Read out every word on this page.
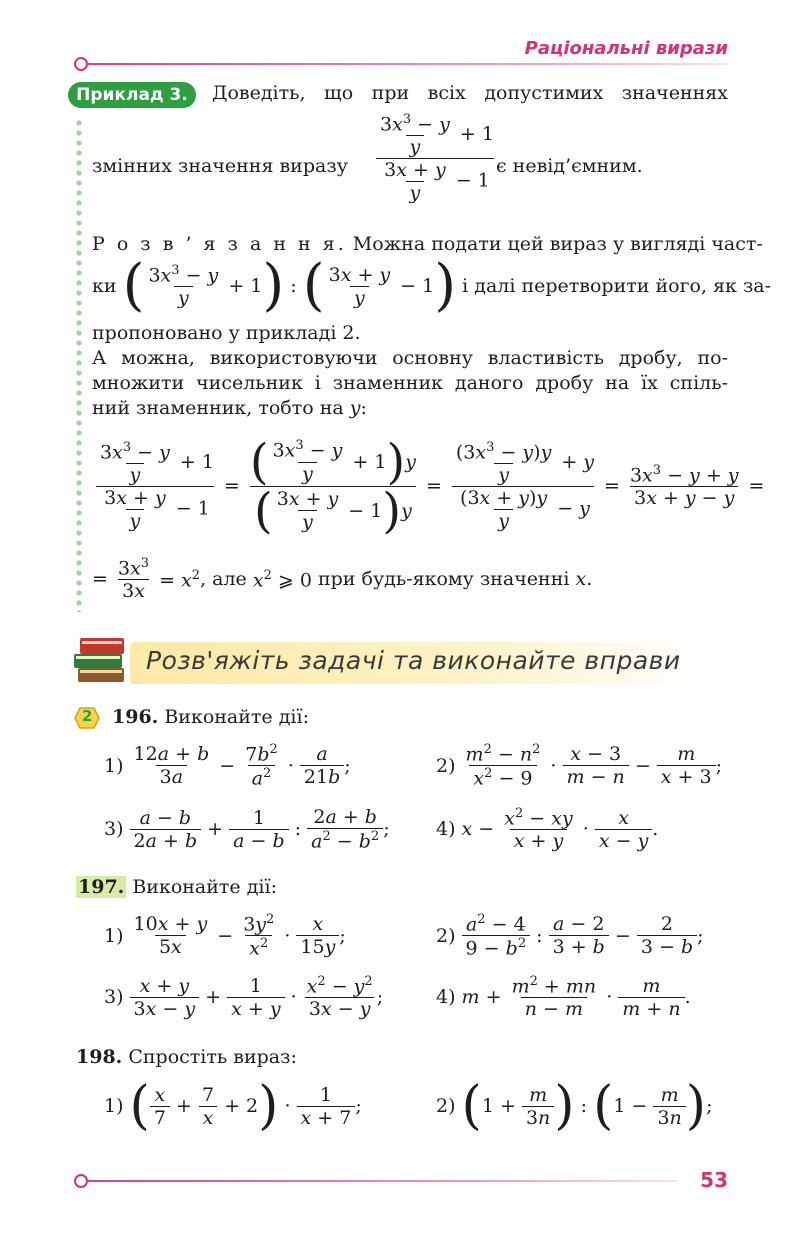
Раціональні вирази
Приклад 3.	Доведіть, що при всіх допустимих значеннях
змінних значення виразу $\frac{\frac{3x^3 - y}{y} + 1}{\frac{3x + y}{y} - 1}$
є невід’ємним.
Р о з в ’ я з а н н я. Можна подати цей вираз у вигляді част-
ки ( $\frac{3x^3 - y}{y} + 1$) : ( $\frac{3x + y}{y} - 1$) і далі перетворити його, як за-
пропоновано у прикладі 2.
А можна, використовуючи основну властивість дробу, по-
множити чисельник і знаменник даного дробу на їх спіль-
ний знаменник, тобто на y:
$\frac{\frac{3x^3 - y}{y} + 1}{\frac{3x + y}{y} - 1} = \frac{( \frac{3x^3 - y}{y} + 1)y}{( \frac{3x + y}{y} - 1)y} = \frac{\frac{(3x^3 - y)y}{y} + y}{\frac{(3x + y)y}{y} - y} = \frac{3x^3 - y + y}{3x + y - y}$ =
= $\frac{3x^3}{3x} = x^2$ , але $x^2$ ⩾ 0 при будь-якому значенні
x .
Розв'яжіть задачі та виконайте вправи
2 196. Виконайте дії:
1)
12a + b
3a
−
$7b^2$
$a^2$ ·
a
21b
;	2)
$m^2 - n^2$
$x^2 - 9$
·
x − 3
m − n
−
m
x + 3
;
3)
a − b
2a + b
+
1
a − b
:
2a + b
$a^2 - b^2$ ; 4) $x - x^2$ − xy
x + y
·
x
x − y
.
197. Виконайте дії:
1)
10x + y
5x
−
$3y^2$
$x^2$ ·
x
15y
;	2)
$a^2 - 4$
$9 - b^2$ :
a − 2
3 + b
−
2
3 − b
;
3)
x + y
3x − y
+
1
x + y
· $x^2 - y^2$
3x − y
;	4) $m + m^2$ + mn
n − m
·
m
m + n
.
198. Спростіть вираз:
1) ( x
7
+
7
x
+ 2 ) ·
1
x + 7
;	2) ( 1 +
m
3n ) : ( 1 −
m
3n ) ;
53
